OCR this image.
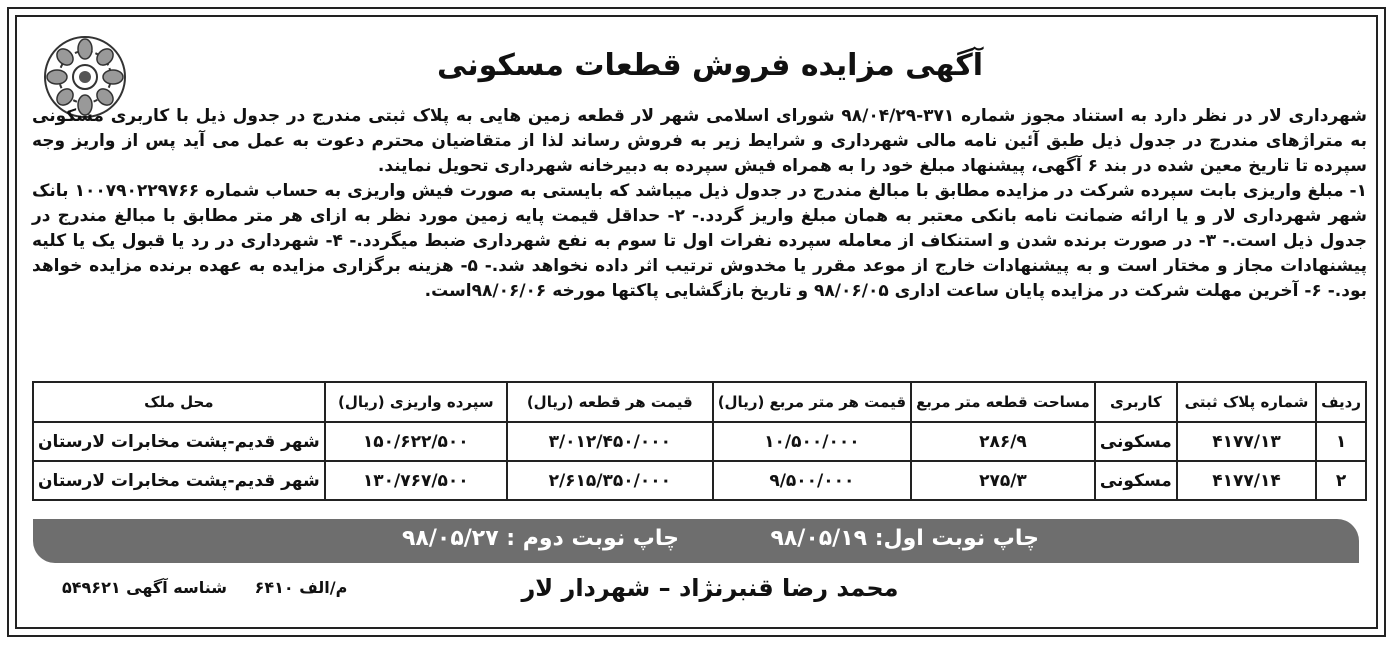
آگهی مزایده فروش قطعات مسکونی

شهرداری لار در نظر دارد به استناد مجوز شماره ۳۷۱-۹۸/۰۴/۲۹ شورای اسلامی شهر لار قطعه زمین هایی به پلاک ثبتی مندرج در جدول ذیل با کاربری مسکونی به متراژهای مندرج در جدول ذیل طبق آئین نامه مالی شهرداری و شرایط زیر به فروش رساند لذا از متقاضیان محترم دعوت به عمل می آید پس از واریز وجه سپرده تا تاریخ معین شده در بند ۶ آگهی، پیشنهاد مبلغ خود را به همراه فیش سپرده به دبیرخانه شهرداری تحویل نمایند.

۱- مبلغ واریزی بابت سپرده شرکت در مزایده مطابق با مبالغ مندرج در جدول ذیل میباشد که بایستی به صورت فیش واریزی به حساب شماره ۱۰۰۷۹۰۲۲۹۷۶۶ بانک شهر شهرداری لار و یا ارائه ضمانت نامه بانکی معتبر به همان مبلغ واریز گردد.- ۲- حداقل قیمت پایه زمین مورد نظر به ازای هر متر مطابق با مبالغ مندرج در جدول ذیل است.- ۳- در صورت برنده شدن و استنکاف از معامله سپرده نفرات اول تا سوم به نفع شهرداری ضبط میگردد.- ۴- شهرداری در رد یا قبول یک یا کلیه پیشنهادات مجاز و مختار است و به پیشنهادات خارج از موعد مقرر یا مخدوش ترتیب اثر داده نخواهد شد.- ۵- هزینه برگزاری مزایده به عهده برنده مزایده خواهد بود.- ۶- آخرین مهلت شرکت در مزایده پایان ساعت اداری ۹۸/۰۶/۰۵ و تاریخ بازگشایی پاکتها مورخه ۹۸/۰۶/۰۶است.

ردیف	شماره پلاک ثبتی	کاربری	مساحت قطعه متر مربع	قیمت هر متر مربع (ریال)	قیمت هر قطعه (ریال)	سپرده واریزی (ریال)	محل ملک
۱	۴۱۷۷/۱۳	مسکونی	۲۸۶/۹	۱۰/۵۰۰/۰۰۰	۳/۰۱۲/۴۵۰/۰۰۰	۱۵۰/۶۲۲/۵۰۰	شهر قدیم-پشت مخابرات لارستان
۲	۴۱۷۷/۱۴	مسکونی	۲۷۵/۳	۹/۵۰۰/۰۰۰	۲/۶۱۵/۳۵۰/۰۰۰	۱۳۰/۷۶۷/۵۰۰	شهر قدیم-پشت مخابرات لارستان
چاپ نوبت اول: ۹۸/۰۵/۱۹
چاپ نوبت دوم : ۹۸/۰۵/۲۷
محمد رضا قنبرنژاد – شهردار لار
م/الف ۶۴۱۰ شناسه آگهی ۵۴۹۶۲۱
